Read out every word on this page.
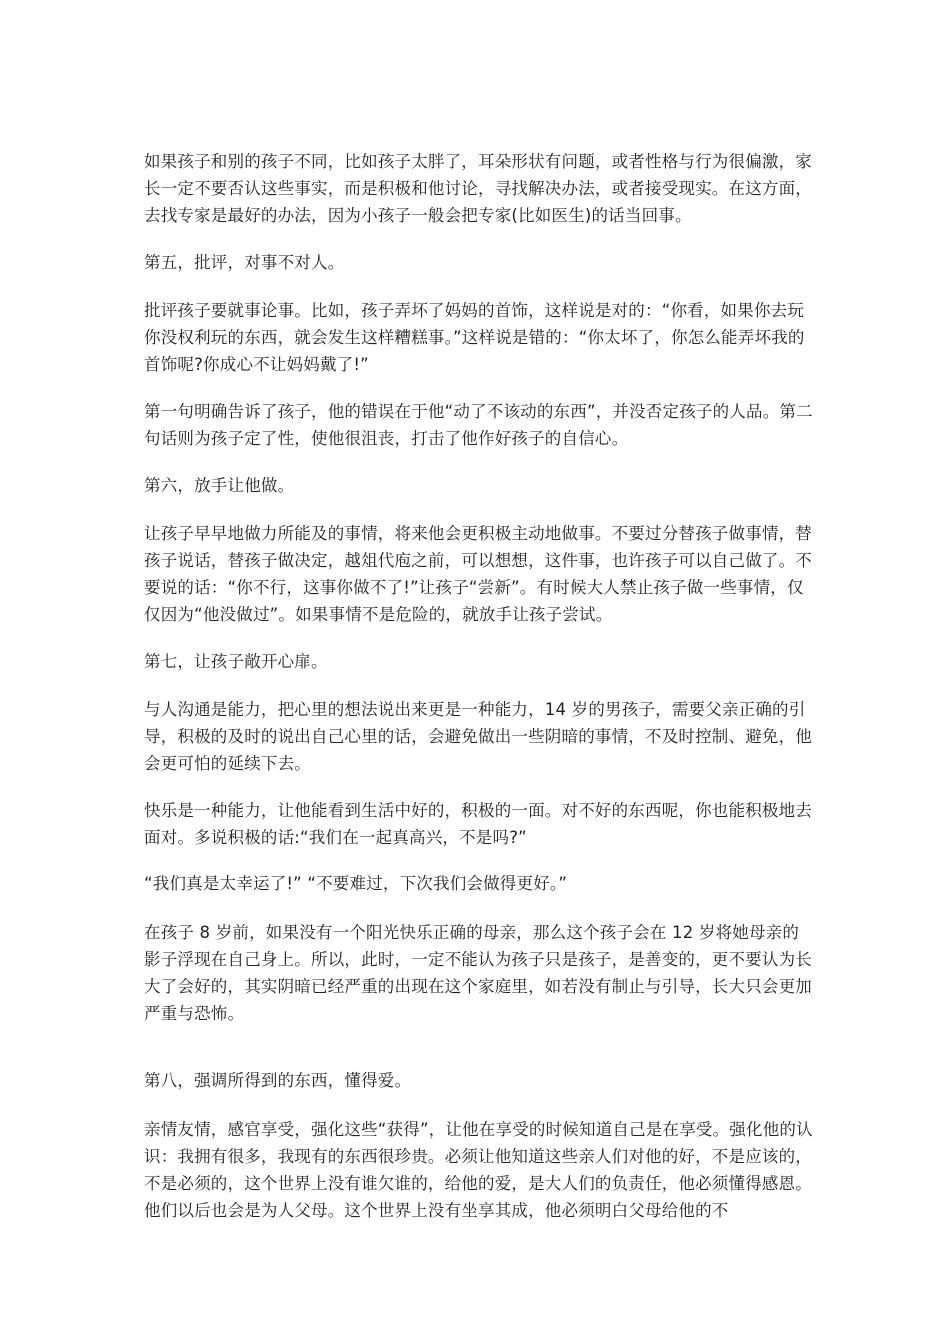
如果孩子和别的孩子不同，比如孩子太胖了，耳朵形状有问题，或者性格与行为很偏激，家长一定不要否认这些事实，而是积极和他讨论，寻找解决办法，或者接受现实。在这方面，去找专家是最好的办法，因为小孩子一般会把专家(比如医生)的话当回事。

第五，批评，对事不对人。

批评孩子要就事论事。比如，孩子弄坏了妈妈的首饰，这样说是对的：“你看，如果你去玩你没权利玩的东西，就会发生这样糟糕事。”这样说是错的：“你太坏了，你怎么能弄坏我的首饰呢?你成心不让妈妈戴了!”

第一句明确告诉了孩子，他的错误在于他“动了不该动的东西”，并没否定孩子的人品。第二句话则为孩子定了性，使他很沮丧，打击了他作好孩子的自信心。

第六，放手让他做。

让孩子早早地做力所能及的事情，将来他会更积极主动地做事。不要过分替孩子做事情，替孩子说话，替孩子做决定，越俎代庖之前，可以想想，这件事，也许孩子可以自己做了。不要说的话：“你不行，这事你做不了!”让孩子“尝新”。有时候大人禁止孩子做一些事情，仅仅因为“他没做过”。如果事情不是危险的，就放手让孩子尝试。

第七，让孩子敞开心扉。

与人沟通是能力，把心里的想法说出来更是一种能力，14 岁的男孩子，需要父亲正确的引导，积极的及时的说出自己心里的话，会避免做出一些阴暗的事情，不及时控制、避免，他会更可怕的延续下去。

快乐是一种能力，让他能看到生活中好的，积极的一面。对不好的东西呢，你也能积极地去面对。多说积极的话:“我们在一起真高兴，不是吗?”

“我们真是太幸运了!” “不要难过，下次我们会做得更好。”

在孩子 8 岁前，如果没有一个阳光快乐正确的母亲，那么这个孩子会在 12 岁将她母亲的影子浮现在自己身上。所以，此时，一定不能认为孩子只是孩子，是善变的，更不要认为长大了会好的，其实阴暗已经严重的出现在这个家庭里，如若没有制止与引导，长大只会更加严重与恐怖。

第八，强调所得到的东西，懂得爱。

亲情友情，感官享受，强化这些“获得”，让他在享受的时候知道自己是在享受。强化他的认识：我拥有很多，我现有的东西很珍贵。必须让他知道这些亲人们对他的好，不是应该的，不是必须的，这个世界上没有谁欠谁的，给他的爱，是大人们的负责任，他必须懂得感恩。他们以后也会是为人父母。这个世界上没有坐享其成，他必须明白父母给他的不
